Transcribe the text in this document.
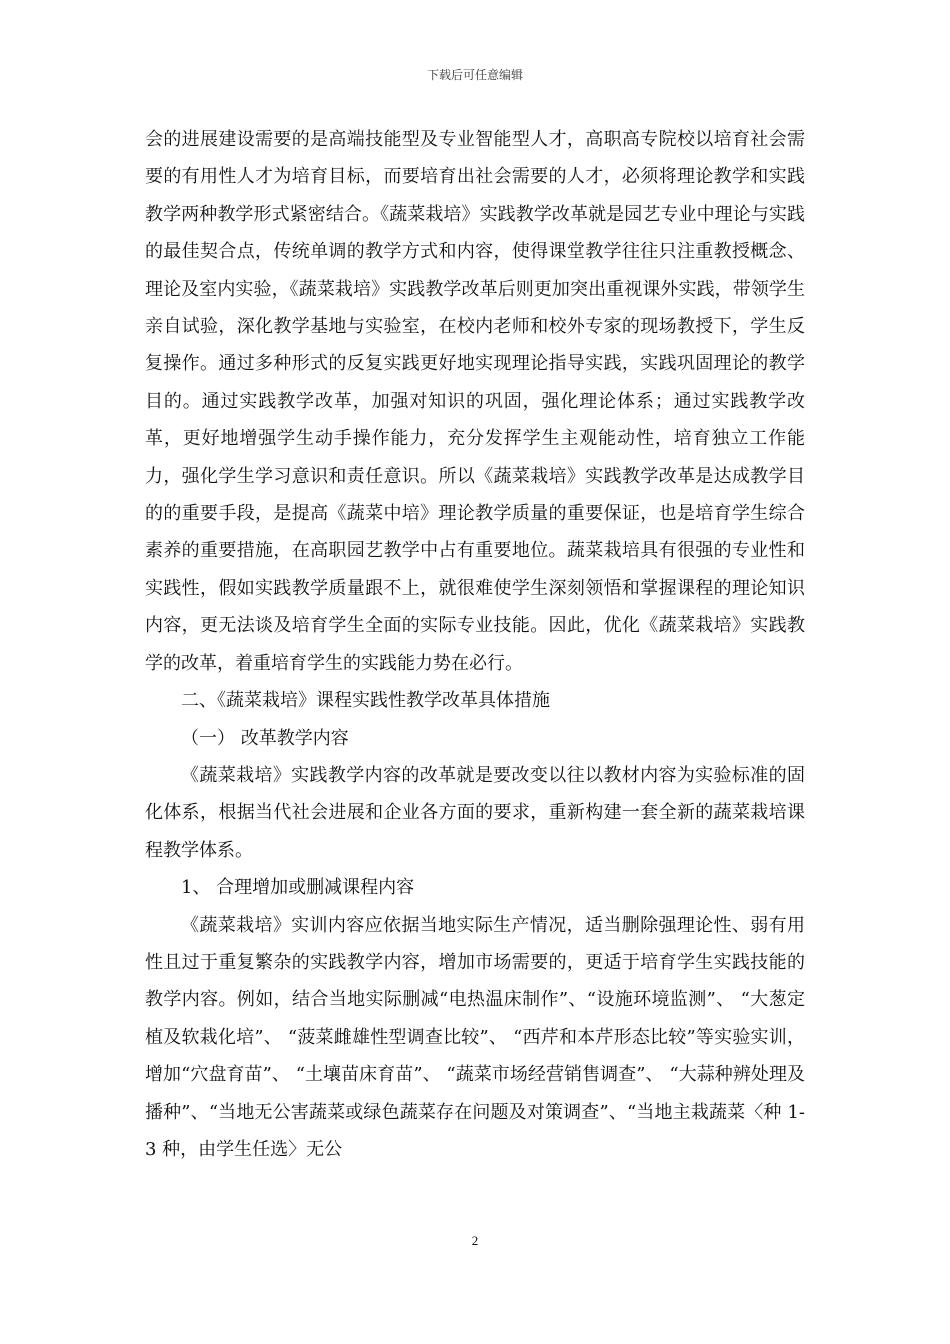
下载后可任意编辑

会的进展建设需要的是高端技能型及专业智能型人才，高职高专院校以培育社会需要的有用性人才为培育目标，而要培育出社会需要的人才，必须将理论教学和实践教学两种教学形式紧密结合。《蔬菜栽培》实践教学改革就是园艺专业中理论与实践的最佳契合点，传统单调的教学方式和内容，使得课堂教学往往只注重教授概念、理论及室内实验，《蔬菜栽培》实践教学改革后则更加突出重视课外实践，带领学生亲自试验，深化教学基地与实验室，在校内老师和校外专家的现场教授下，学生反复操作。通过多种形式的反复实践更好地实现理论指导实践，实践巩固理论的教学目的。通过实践教学改革，加强对知识的巩固，强化理论体系；通过实践教学改革，更好地增强学生动手操作能力，充分发挥学生主观能动性，培育独立工作能力，强化学生学习意识和责任意识。所以《蔬菜栽培》实践教学改革是达成教学目的的重要手段，是提高《蔬菜中培》理论教学质量的重要保证，也是培育学生综合素养的重要措施，在高职园艺教学中占有重要地位。蔬菜栽培具有很强的专业性和实践性，假如实践教学质量跟不上，就很难使学生深刻领悟和掌握课程的理论知识内容，更无法谈及培育学生全面的实际专业技能。因此，优化《蔬菜栽培》实践教学的改革，着重培育学生的实践能力势在必行。

二、《蔬菜栽培》课程实践性教学改革具体措施

（一） 改革教学内容

《蔬菜栽培》实践教学内容的改革就是要改变以往以教材内容为实验标准的固化体系，根据当代社会进展和企业各方面的要求，重新构建一套全新的蔬菜栽培课程教学体系。

1、 合理增加或删减课程内容

《蔬菜栽培》实训内容应依据当地实际生产情况，适当删除强理论性、弱有用性且过于重复繁杂的实践教学内容，增加市场需要的，更适于培育学生实践技能的教学内容。例如，结合当地实际删减“电热温床制作”、“设施环境监测”、 “大葱定植及软栽化培”、 “菠菜雌雄性型调查比较”、 “西芹和本芹形态比较”等实验实训，增加“穴盘育苗”、 “土壤苗床育苗”、 “蔬菜市场经营销售调查”、 “大蒜种辨处理及播种”、“当地无公害蔬菜或绿色蔬菜存在问题及对策调查”、“当地主栽蔬菜〈种 1-3 种，由学生任选〉无公

2
